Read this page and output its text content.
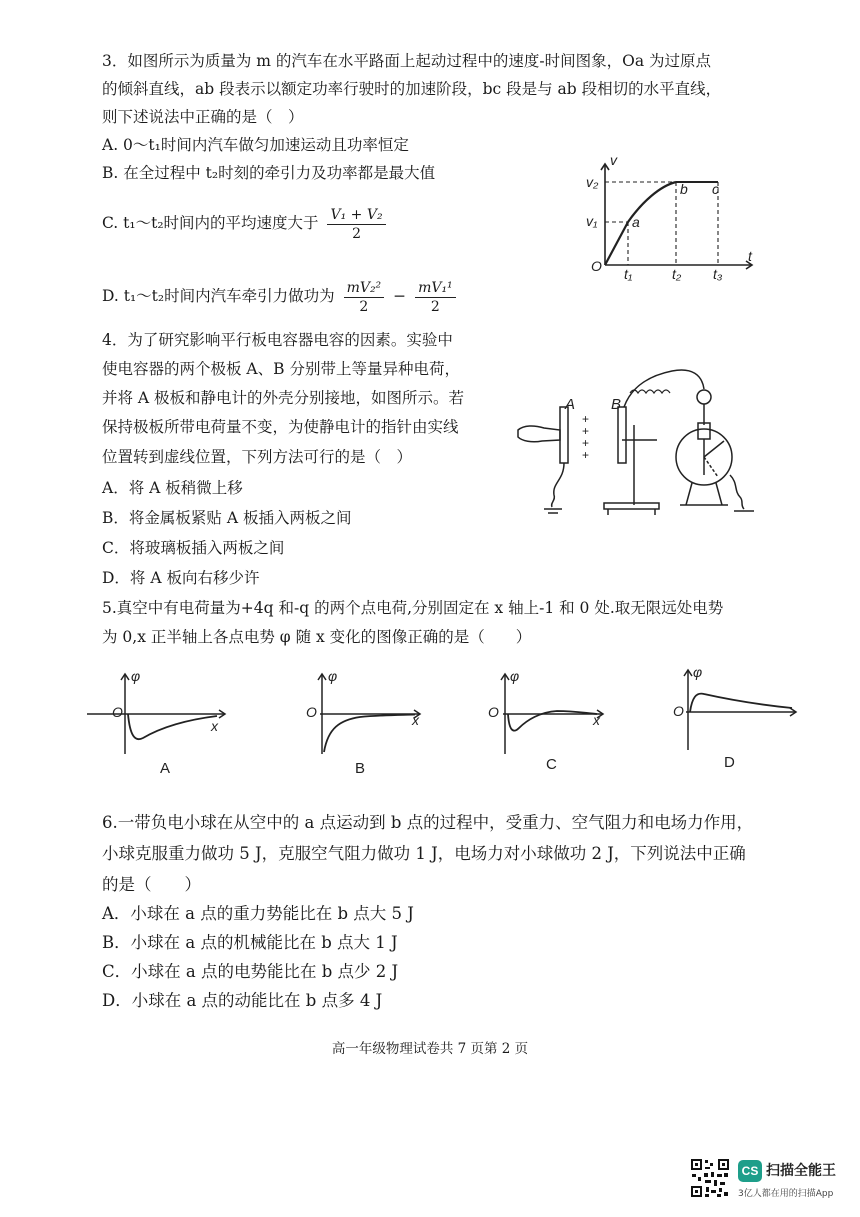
3．如图所示为质量为 m 的汽车在水平路面上起动过程中的速度-时间图象，Oa 为过原点
的倾斜直线，ab 段表示以额定功率行驶时的加速阶段，bc 段是与 ab 段相切的水平直线，
则下述说法中正确的是（　）
A. 0～t₁时间内汽车做匀加速运动且功率恒定
B. 在全过程中 t₂时刻的牵引力及功率都是最大值
C. t₁～t₂时间内的平均速度大于 $\frac{\text{V₁ + V₂}}{2}$
D. t₁～t₂时间内汽车牵引力做功为 $\frac{\text{mV₂²}}{2} - \frac{\text{mV₁¹}}{2}$
v
t
O
v₂
v₁ a
b c
t₁	t₂ t₃
4．为了研究影响平行板电容器电容的因素。实验中
使电容器的两个极板 A、B 分别带上等量异种电荷，
并将 A 极板和静电计的外壳分别接地，如图所示。若
保持极板所带电荷量不变，为使静电计的指针由实线
位置转到虚线位置，下列方法可行的是（　）
A．将 A 板稍微上移
B．将金属板紧贴 A 板插入两板之间
C．将玻璃板插入两板之间
D．将 A 板向右移少许
+
+
+
+
A B
5.真空中有电荷量为+4q 和-q 的两个点电荷,分别固定在 x 轴上-1 和 0 处.取无限远处电势
为 0,x 正半轴上各点电势 φ 随 x 变化的图像正确的是（　　）
φ
O
x
A
φ
O	x
B
φ
O	x
C
φ
O
D
6.一带负电小球在从空中的 a 点运动到 b 点的过程中，受重力、空气阻力和电场力作用，
小球克服重力做功 5 J，克服空气阻力做功 1 J，电场力对小球做功 2 J，下列说法中正确
的是（　　）
A．小球在 a 点的重力势能比在 b 点大 5 J
B．小球在 a 点的机械能比在 b 点大 1 J
C．小球在 a 点的电势能比在 b 点少 2 J
D．小球在 a 点的动能比在 b 点多 4 J
高一年级物理试卷共 7 页第 2 页
CS 扫描全能王
3亿人都在用的扫描App
